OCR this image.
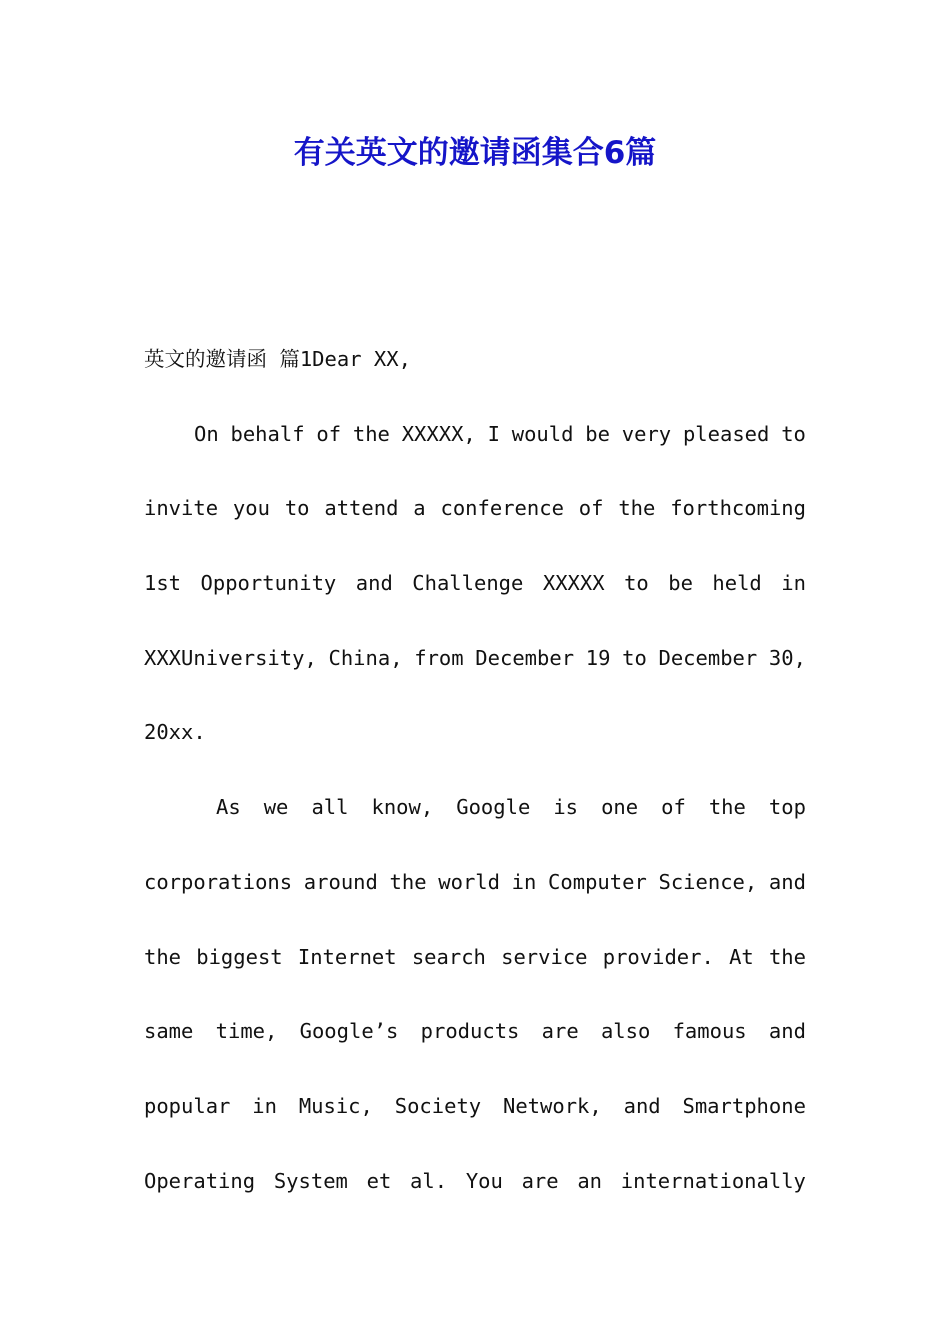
有关英文的邀请函集合6篇
英文的邀请函 篇1Dear XX,
On behalf of the XXXXX, I would be very pleased to
invite you to attend a conference of the forthcoming
1st Opportunity and Challenge XXXXX to be held in
XXXUniversity, China, from December 19 to December 30,
20xx.
As we all know, Google is one of the top
corporations around the world in Computer Science, and
the biggest Internet search service provider. At the
same time, Google’s products are also famous and
popular in Music, Society Network, and Smartphone
Operating System et al. You are an internationally
